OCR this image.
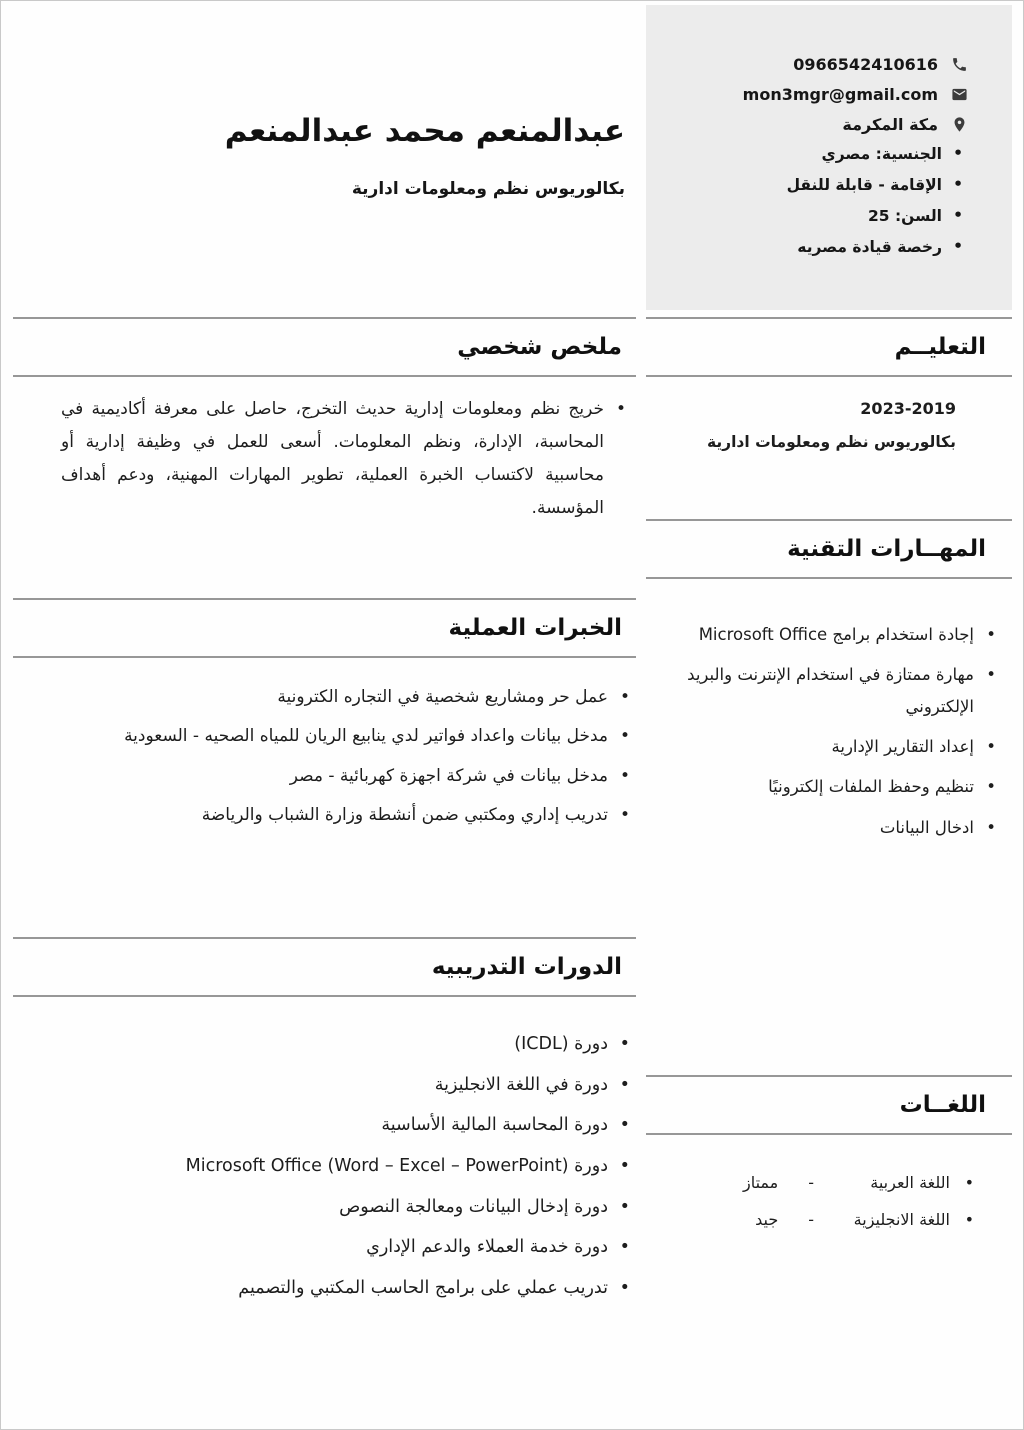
0966542410616
mon3mgr@gmail.com
مكة المكرمة
• الجنسية: مصري
• الإقامة - قابلة للنقل
• السن: 25
• رخصة قيادة مصريه
عبدالمنعم محمد عبدالمنعم
بكالوريوس نظم ومعلومات ادارية
ملخص شخصي
• خريج نظم ومعلومات إدارية حديث التخرج، حاصل على معرفة أكاديمية في المحاسبة، الإدارة، ونظم المعلومات. أسعى للعمل في وظيفة إدارية أو محاسبية لاكتساب الخبرة العملية، تطوير المهارات المهنية، ودعم أهداف المؤسسة.
التعليــم
2023-2019
بكالوريوس نظم ومعلومات ادارية
المهــارات التقنية
• إجادة استخدام برامج Microsoft Office
• مهارة ممتازة في استخدام الإنترنت والبريد الإلكتروني
• إعداد التقارير الإدارية
• تنظيم وحفظ الملفات إلكترونيًا
• ادخال البيانات
الخبرات العملية
• عمل حر ومشاريع شخصية في التجاره الكترونية
• مدخل بيانات واعداد فواتير لدي ينابيع الريان للمياه الصحيه - السعودية
• مدخل بيانات في شركة اجهزة كهربائية - مصر
• تدريب إداري ومكتبي ضمن أنشطة وزارة الشباب والرياضة
الدورات التدريبيه
• دورة (ICDL)
• دورة في اللغة الانجليزية
• دورة المحاسبة المالية الأساسية
• دورة Microsoft Office (Word – Excel – PowerPoint)
• دورة إدخال البيانات ومعالجة النصوص
• دورة خدمة العملاء والدعم الإداري
• تدريب عملي على برامج الحاسب المكتبي والتصميم
اللغــات
• اللغة العربية
-
ممتاز
• اللغة الانجليزية
-
جيد
